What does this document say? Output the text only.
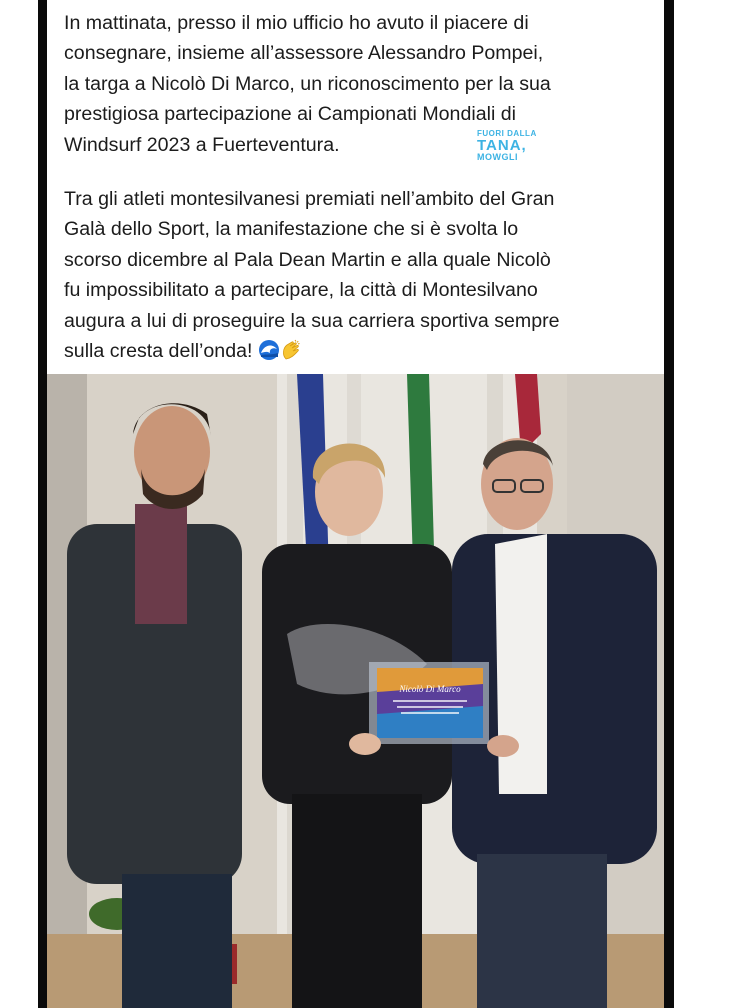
In mattinata, presso il mio ufficio ho avuto il piacere di
consegnare, insieme all’assessore Alessandro Pompei,
la targa a Nicolò Di Marco, un riconoscimento per la sua
prestigiosa partecipazione ai Campionati Mondiali di
Windsurf 2023 a Fuerteventura.

Tra gli atleti montesilvanesi premiati nell’ambito del Gran
Galà dello Sport, la manifestazione che si è svolta lo
scorso dicembre al Pala Dean Martin e alla quale Nicolò
fu impossibilitato a partecipare, la città di Montesilvano
augura a lui di proseguire la sua carriera sportiva sempre
sulla cresta dell’onda!

FUORI DALLA
TANA,
MOWGLI
Nicolò Di Marco
